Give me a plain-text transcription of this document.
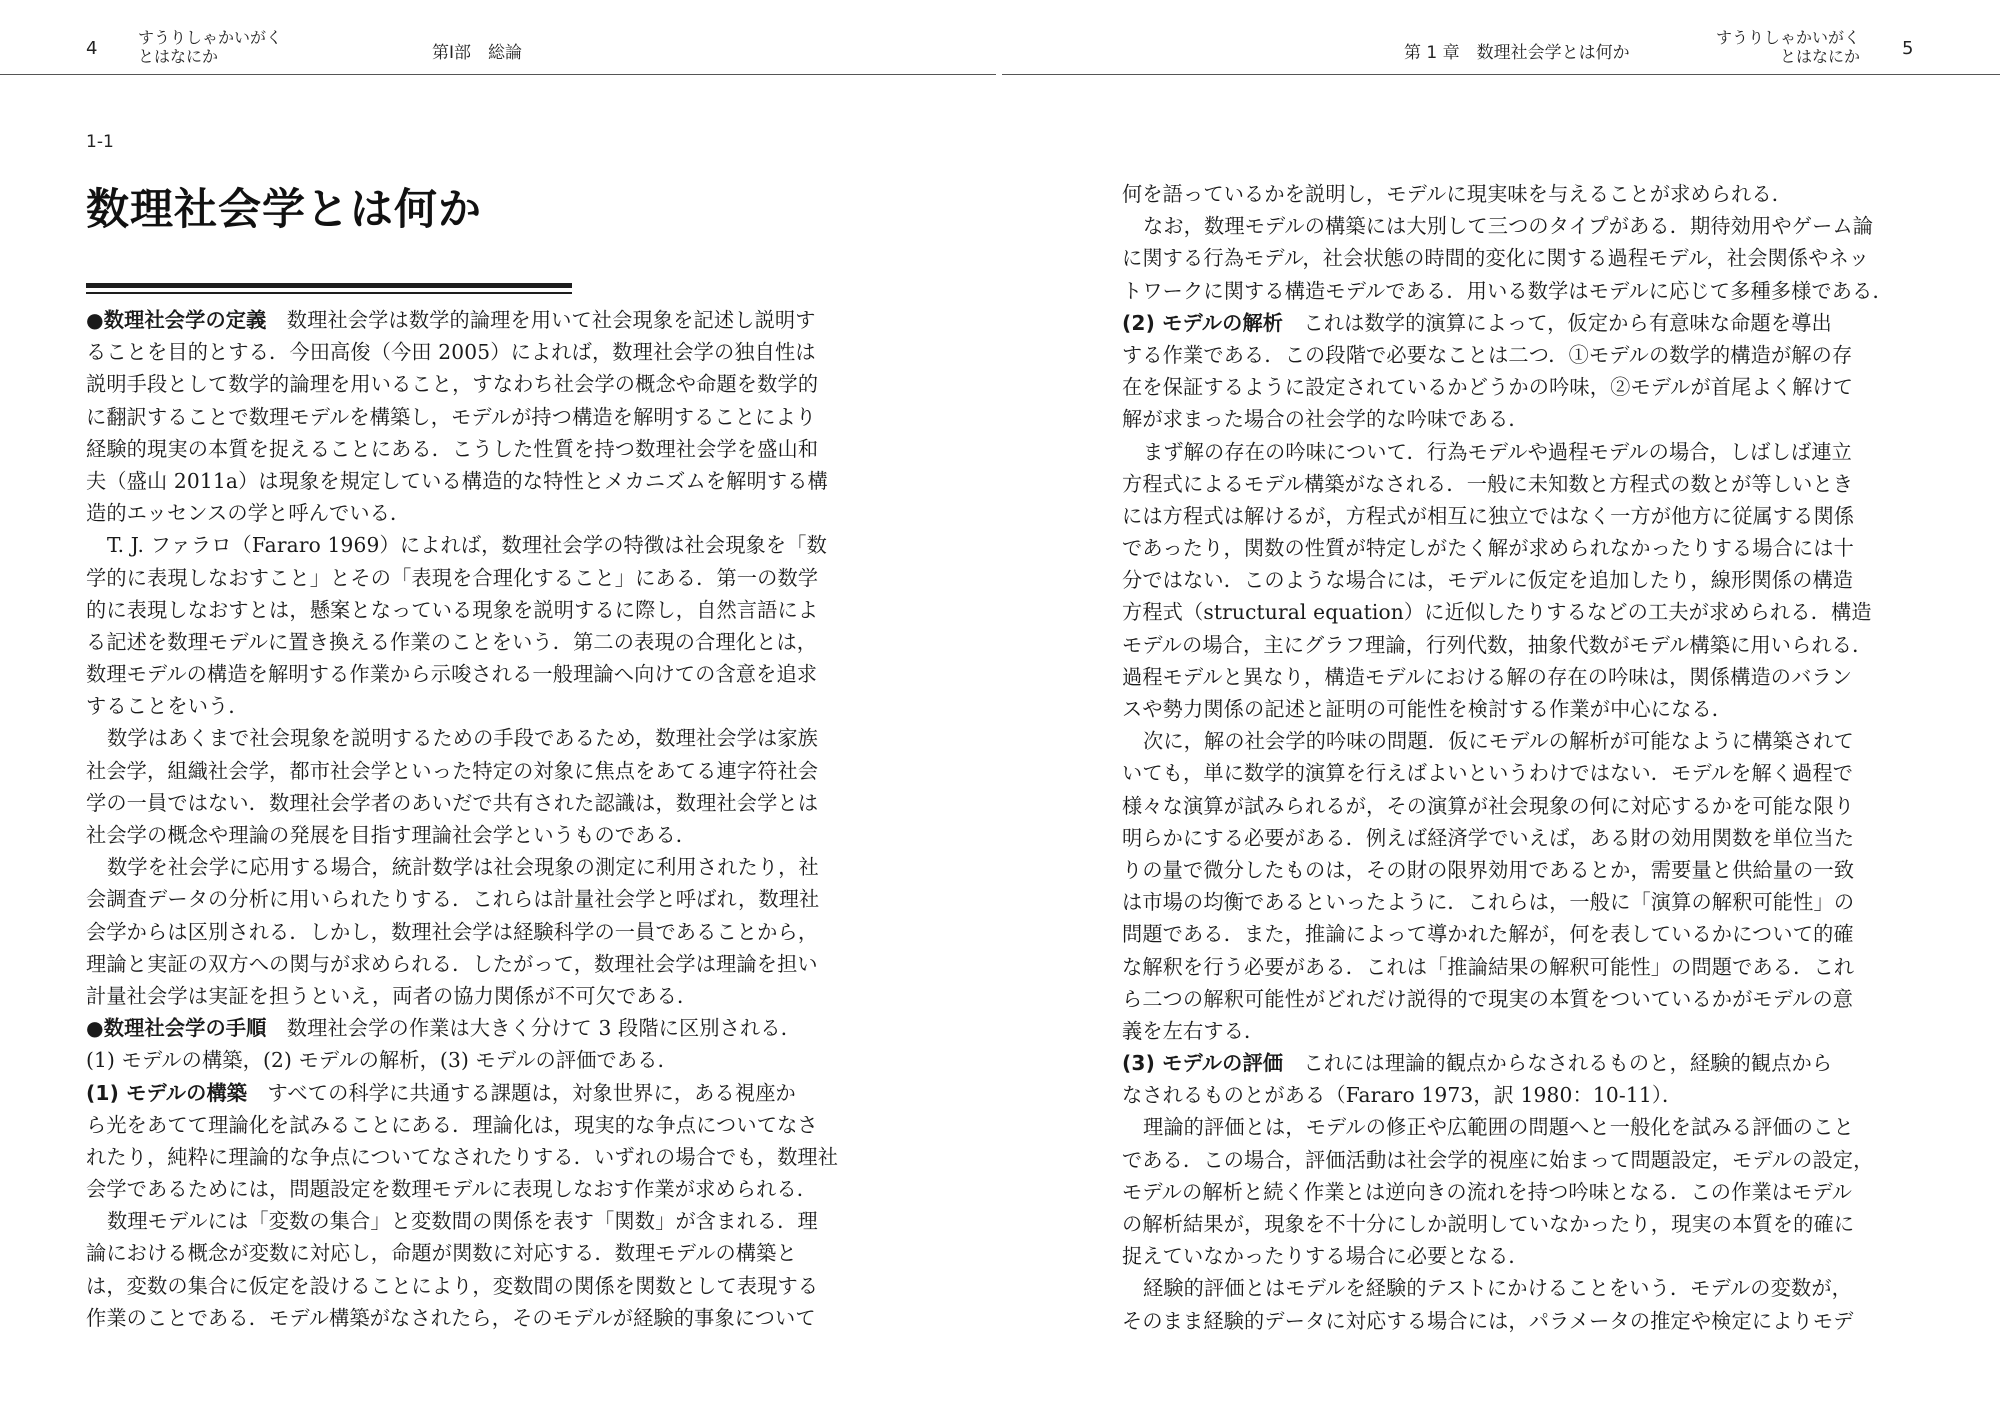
4
すうりしゃかいがく
とはなにか	第Ⅰ部　総論	第 1 章　数理社会学とは何か
すうりしゃかいがく
とはなにか 5
1-1
数理社会学とは何か
●数理社会学の定義　数理社会学は数学的論理を用いて社会現象を記述し説明す
ることを目的とする．今田高俊（今田 2005）によれば，数理社会学の独自性は
説明手段として数学的論理を用いること，すなわち社会学の概念や命題を数学的
に翻訳することで数理モデルを構築し，モデルが持つ構造を解明することにより
経験的現実の本質を捉えることにある．こうした性質を持つ数理社会学を盛山和
夫（盛山 2011a）は現象を規定している構造的な特性とメカニズムを解明する構
造的エッセンスの学と呼んでいる．
T. J. ファラロ（Fararo 1969）によれば，数理社会学の特徴は社会現象を「数
学的に表現しなおすこと」とその「表現を合理化すること」にある．第一の数学
的に表現しなおすとは，懸案となっている現象を説明するに際し，自然言語によ
る記述を数理モデルに置き換える作業のことをいう．第二の表現の合理化とは，
数理モデルの構造を解明する作業から示唆される一般理論へ向けての含意を追求
することをいう．
数学はあくまで社会現象を説明するための手段であるため，数理社会学は家族
社会学，組織社会学，都市社会学といった特定の対象に焦点をあてる連字符社会
学の一員ではない．数理社会学者のあいだで共有された認識は，数理社会学とは
社会学の概念や理論の発展を目指す理論社会学というものである．
数学を社会学に応用する場合，統計数学は社会現象の測定に利用されたり，社
会調査データの分析に用いられたりする．これらは計量社会学と呼ばれ，数理社
会学からは区別される．しかし，数理社会学は経験科学の一員であることから，
理論と実証の双方への関与が求められる．したがって，数理社会学は理論を担い
計量社会学は実証を担うといえ，両者の協力関係が不可欠である．
●数理社会学の手順　数理社会学の作業は大きく分けて 3 段階に区別される．
(1) モデルの構築，(2) モデルの解析，(3) モデルの評価である．
(1) モデルの構築　すべての科学に共通する課題は，対象世界に，ある視座か
ら光をあてて理論化を試みることにある．理論化は，現実的な争点についてなさ
れたり，純粋に理論的な争点についてなされたりする．いずれの場合でも，数理社
会学であるためには，問題設定を数理モデルに表現しなおす作業が求められる．
数理モデルには「変数の集合」と変数間の関係を表す「関数」が含まれる．理
論における概念が変数に対応し，命題が関数に対応する．数理モデルの構築と
は，変数の集合に仮定を設けることにより，変数間の関係を関数として表現する
作業のことである．モデル構築がなされたら，そのモデルが経験的事象について
何を語っているかを説明し，モデルに現実味を与えることが求められる．
なお，数理モデルの構築には大別して三つのタイプがある．期待効用やゲーム論
に関する行為モデル，社会状態の時間的変化に関する過程モデル，社会関係やネッ
トワークに関する構造モデルである．用いる数学はモデルに応じて多種多様である．
(2) モデルの解析　これは数学的演算によって，仮定から有意味な命題を導出
する作業である．この段階で必要なことは二つ．①モデルの数学的構造が解の存
在を保証するように設定されているかどうかの吟味，②モデルが首尾よく解けて
解が求まった場合の社会学的な吟味である．
まず解の存在の吟味について．行為モデルや過程モデルの場合，しばしば連立
方程式によるモデル構築がなされる．一般に未知数と方程式の数とが等しいとき
には方程式は解けるが，方程式が相互に独立ではなく一方が他方に従属する関係
であったり，関数の性質が特定しがたく解が求められなかったりする場合には十
分ではない．このような場合には，モデルに仮定を追加したり，線形関係の構造
方程式（structural equation）に近似したりするなどの工夫が求められる．構造
モデルの場合，主にグラフ理論，行列代数，抽象代数がモデル構築に用いられる．
過程モデルと異なり，構造モデルにおける解の存在の吟味は，関係構造のバラン
スや勢力関係の記述と証明の可能性を検討する作業が中心になる．
次に，解の社会学的吟味の問題．仮にモデルの解析が可能なように構築されて
いても，単に数学的演算を行えばよいというわけではない．モデルを解く過程で
様々な演算が試みられるが，その演算が社会現象の何に対応するかを可能な限り
明らかにする必要がある．例えば経済学でいえば，ある財の効用関数を単位当た
りの量で微分したものは，その財の限界効用であるとか，需要量と供給量の一致
は市場の均衡であるといったように．これらは，一般に「演算の解釈可能性」の
問題である．また，推論によって導かれた解が，何を表しているかについて的確
な解釈を行う必要がある．これは「推論結果の解釈可能性」の問題である．これ
ら二つの解釈可能性がどれだけ説得的で現実の本質をついているかがモデルの意
義を左右する．
(3) モデルの評価　これには理論的観点からなされるものと，経験的観点から
なされるものとがある（Fararo 1973，訳 1980：10-11）．
理論的評価とは，モデルの修正や広範囲の問題へと一般化を試みる評価のこと
である．この場合，評価活動は社会学的視座に始まって問題設定，モデルの設定，
モデルの解析と続く作業とは逆向きの流れを持つ吟味となる．この作業はモデル
の解析結果が，現象を不十分にしか説明していなかったり，現実の本質を的確に
捉えていなかったりする場合に必要となる．
経験的評価とはモデルを経験的テストにかけることをいう．モデルの変数が，
そのまま経験的データに対応する場合には，パラメータの推定や検定によりモデ
